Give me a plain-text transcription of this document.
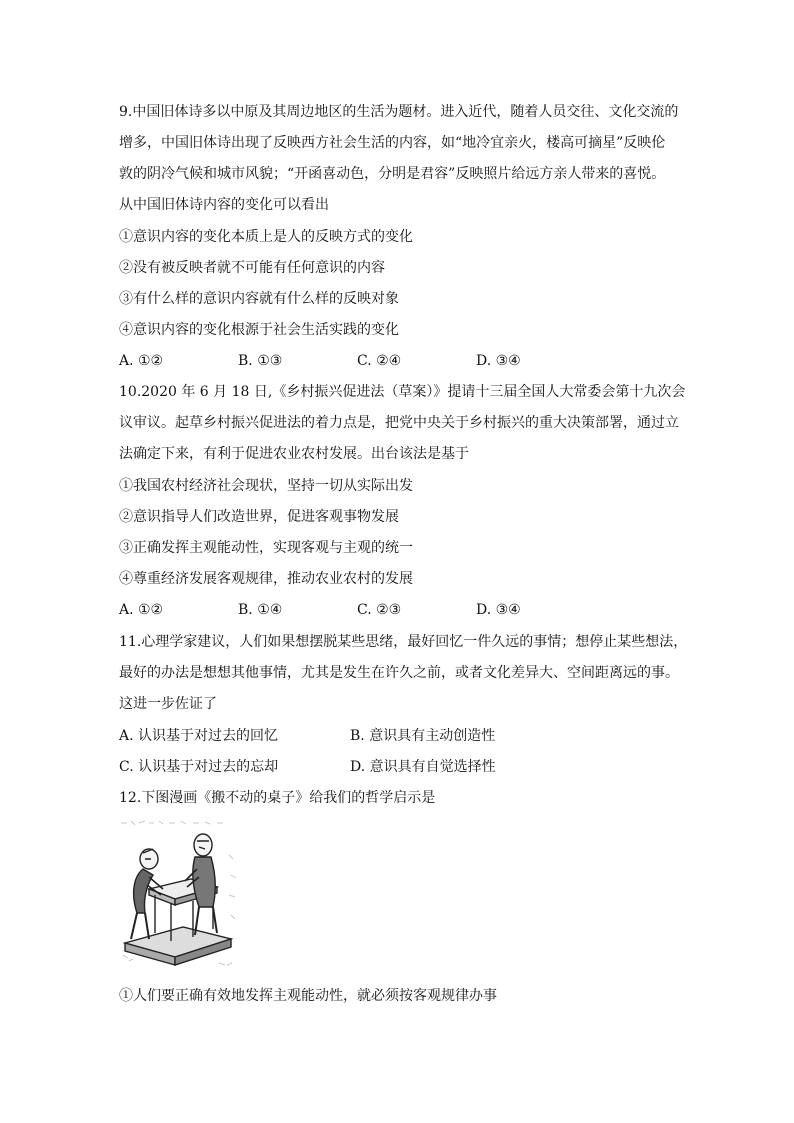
9.中国旧体诗多以中原及其周边地区的生活为题材。进入近代，随着人员交往、文化交流的
增多，中国旧体诗出现了反映西方社会生活的内容，如“地冷宜亲火，楼高可摘星”反映伦
敦的阴冷气候和城市风貌；“开函喜动色，分明是君容”反映照片给远方亲人带来的喜悦。
从中国旧体诗内容的变化可以看出
①意识内容的变化本质上是人的反映方式的变化
②没有被反映者就不可能有任何意识的内容
③有什么样的意识内容就有什么样的反映对象
④意识内容的变化根源于社会生活实践的变化
A. ①②	B. ①③	C. ②④	D. ③④
10.2020 年 6 月 18 日,《乡村振兴促进法（草案）》提请十三届全国人大常委会第十九次会
议审议。起草乡村振兴促进法的着力点是，把党中央关于乡村振兴的重大决策部署，通过立
法确定下来，有利于促进农业农村发展。出台该法是基于
①我国农村经济社会现状，坚持一切从实际出发
②意识指导人们改造世界，促进客观事物发展
③正确发挥主观能动性，实现客观与主观的统一
④尊重经济发展客观规律，推动农业农村的发展
A. ①②	B. ①④	C. ②③	D. ③④
11.心理学家建议，人们如果想摆脱某些思绪，最好回忆一件久远的事情；想停止某些想法，
最好的办法是想想其他事情，尤其是发生在许久之前，或者文化差异大、空间距离远的事。
这进一步佐证了
A. 认识基于对过去的回忆	B. 意识具有主动创造性
C. 认识基于对过去的忘却	D. 意识具有自觉选择性
12.下图漫画《搬不动的桌子》给我们的哲学启示是
①人们要正确有效地发挥主观能动性，就必须按客观规律办事
